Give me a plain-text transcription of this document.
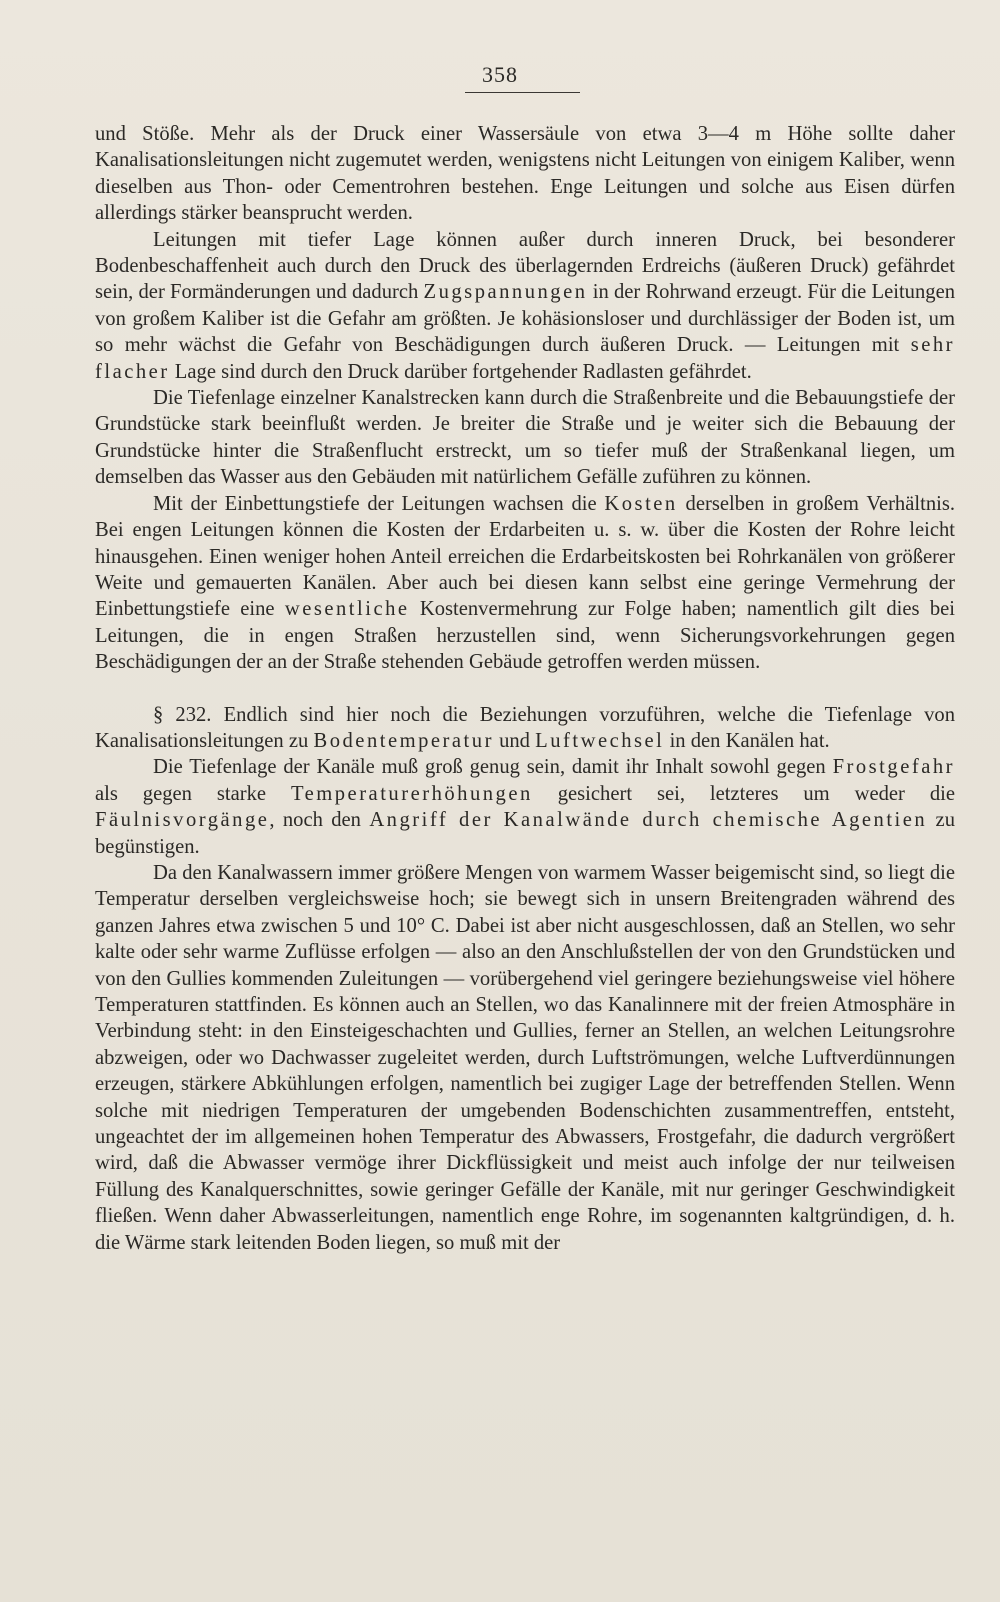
358

und Stöße. Mehr als der Druck einer Wassersäule von etwa 3—4 m Höhe sollte daher Kanalisationsleitungen nicht zugemutet werden, wenigstens nicht Leitungen von einigem Kaliber, wenn dieselben aus Thon- oder Cementrohren bestehen. Enge Leitungen und solche aus Eisen dürfen allerdings stärker beansprucht werden.

Leitungen mit tiefer Lage können außer durch inneren Druck, bei besonderer Bodenbeschaffenheit auch durch den Druck des überlagernden Erdreichs (äußeren Druck) gefährdet sein, der Formänderungen und dadurch Zugspannungen in der Rohrwand erzeugt. Für die Leitungen von großem Kaliber ist die Gefahr am größten. Je kohäsionsloser und durchlässiger der Boden ist, um so mehr wächst die Gefahr von Beschädigungen durch äußeren Druck. — Leitungen mit sehr flacher Lage sind durch den Druck darüber fortgehender Radlasten gefährdet.

Die Tiefenlage einzelner Kanalstrecken kann durch die Straßenbreite und die Bebauungstiefe der Grundstücke stark beeinflußt werden. Je breiter die Straße und je weiter sich die Bebauung der Grundstücke hinter die Straßenflucht erstreckt, um so tiefer muß der Straßenkanal liegen, um demselben das Wasser aus den Gebäuden mit natürlichem Gefälle zuführen zu können.

Mit der Einbettungstiefe der Leitungen wachsen die Kosten derselben in großem Verhältnis. Bei engen Leitungen können die Kosten der Erdarbeiten u. s. w. über die Kosten der Rohre leicht hinausgehen. Einen weniger hohen Anteil erreichen die Erdarbeitskosten bei Rohrkanälen von größerer Weite und gemauerten Kanälen. Aber auch bei diesen kann selbst eine geringe Vermehrung der Einbettungstiefe eine wesentliche Kostenvermehrung zur Folge haben; namentlich gilt dies bei Leitungen, die in engen Straßen herzustellen sind, wenn Sicherungsvorkehrungen gegen Beschädigungen der an der Straße stehenden Gebäude getroffen werden müssen.

§ 232. Endlich sind hier noch die Beziehungen vorzuführen, welche die Tiefenlage von Kanalisationsleitungen zu Bodentemperatur und Luftwechsel in den Kanälen hat.

Die Tiefenlage der Kanäle muß groß genug sein, damit ihr Inhalt sowohl gegen Frostgefahr als gegen starke Temperaturerhöhungen gesichert sei, letzteres um weder die Fäulnisvorgänge, noch den Angriff der Kanalwände durch chemische Agentien zu begünstigen.

Da den Kanalwassern immer größere Mengen von warmem Wasser beigemischt sind, so liegt die Temperatur derselben vergleichsweise hoch; sie bewegt sich in unsern Breitengraden während des ganzen Jahres etwa zwischen 5 und 10° C. Dabei ist aber nicht ausgeschlossen, daß an Stellen, wo sehr kalte oder sehr warme Zuflüsse erfolgen — also an den Anschlußstellen der von den Grundstücken und von den Gullies kommenden Zuleitungen — vorübergehend viel geringere beziehungsweise viel höhere Temperaturen stattfinden. Es können auch an Stellen, wo das Kanalinnere mit der freien Atmosphäre in Verbindung steht: in den Einsteigeschachten und Gullies, ferner an Stellen, an welchen Leitungsrohre abzweigen, oder wo Dachwasser zugeleitet werden, durch Luftströmungen, welche Luftverdünnungen erzeugen, stärkere Abkühlungen erfolgen, namentlich bei zugiger Lage der betreffenden Stellen. Wenn solche mit niedrigen Temperaturen der umgebenden Bodenschichten zusammentreffen, entsteht, ungeachtet der im allgemeinen hohen Temperatur des Abwassers, Frostgefahr, die dadurch vergrößert wird, daß die Abwasser vermöge ihrer Dickflüssigkeit und meist auch infolge der nur teilweisen Füllung des Kanalquerschnittes, sowie geringer Gefälle der Kanäle, mit nur geringer Geschwindigkeit fließen. Wenn daher Abwasserleitungen, namentlich enge Rohre, im sogenannten kaltgründigen, d. h. die Wärme stark leitenden Boden liegen, so muß mit der
